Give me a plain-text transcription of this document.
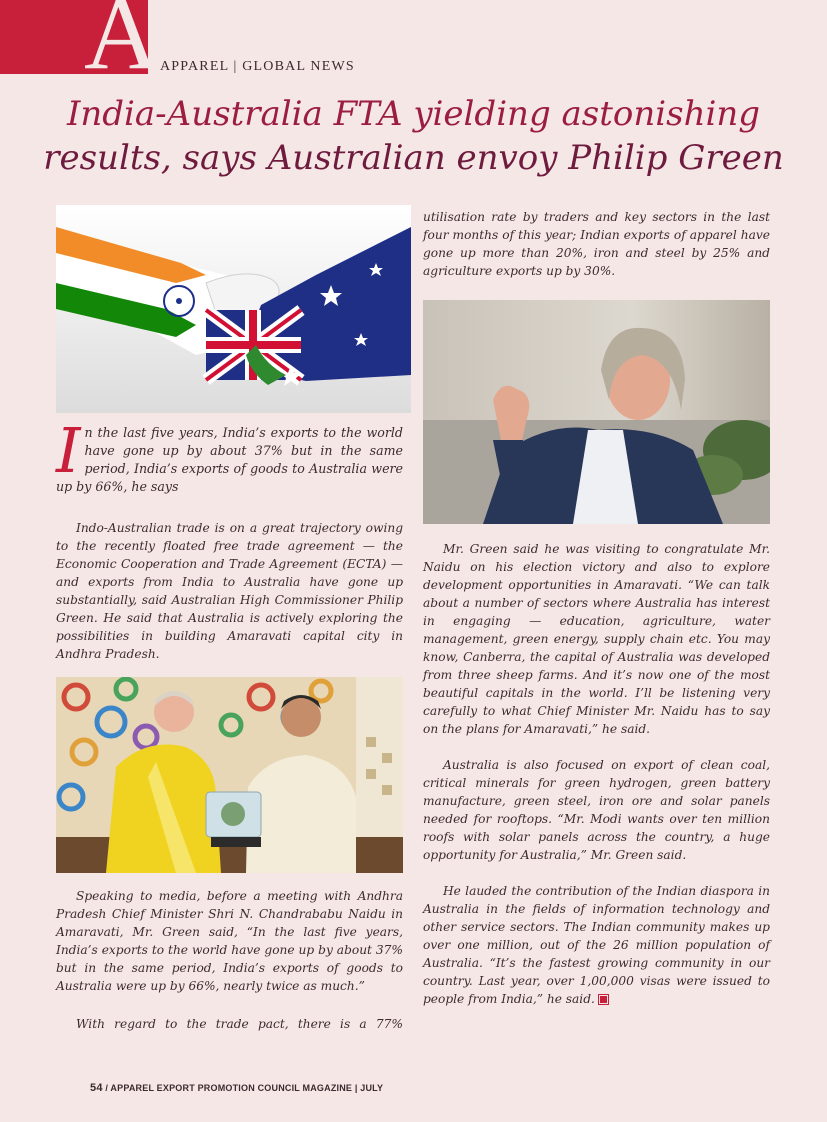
A APPAREL | GLOBAL NEWS
India-Australia FTA yielding astonishing
results, says Australian envoy Philip Green
I n the last five years, India’s exports to the world have gone up by about 37% but in the same period, India’s exports of goods to Australia were up by 66%, he says

Indo-Australian trade is on a great trajectory owing to the recently floated free trade agreement — the Economic Cooperation and Trade Agreement (ECTA) — and exports from India to Australia have gone up substantially, said Australian High Commissioner Philip Green. He said that Australia is actively exploring the possibilities in building Amaravati capital city in Andhra Pradesh.

Speaking to media, before a meeting with Andhra Pradesh Chief Minister Shri N. Chandrababu Naidu in Amaravati, Mr. Green said, “In the last five years, India’s exports to the world have gone up by about 37% but in the same period, India’s exports of goods to Australia were up by 66%, nearly twice as much.”

With regard to the trade pact, there is a 77%

utilisation rate by traders and key sectors in the last four months of this year; Indian exports of apparel have gone up more than 20%, iron and steel by 25% and agriculture exports up by 30%.

Mr. Green said he was visiting to congratulate Mr. Naidu on his election victory and also to explore development opportunities in Amaravati. “We can talk about a number of sectors where Australia has interest in engaging — education, agriculture, water management, green energy, supply chain etc. You may know, Canberra, the capital of Australia was developed from three sheep farms. And it’s now one of the most beautiful capitals in the world. I’ll be listening very carefully to what Chief Minister Mr. Naidu has to say on the plans for Amaravati,” he said.

Australia is also focused on export of clean coal, critical minerals for green hydrogen, green battery manufacture, green steel, iron ore and solar panels needed for rooftops. “Mr. Modi wants over ten million roofs with solar panels across the country, a huge opportunity for Australia,” Mr. Green said.

He lauded the contribution of the Indian diaspora in Australia in the fields of information technology and other service sectors. The Indian community makes up over one million, out of the 26 million population of Australia. “It’s the fastest growing community in our country. Last year, over 1,00,000 visas were issued to people from India,” he said.

54 / APPAREL EXPORT PROMOTION COUNCIL MAGAZINE | JULY
